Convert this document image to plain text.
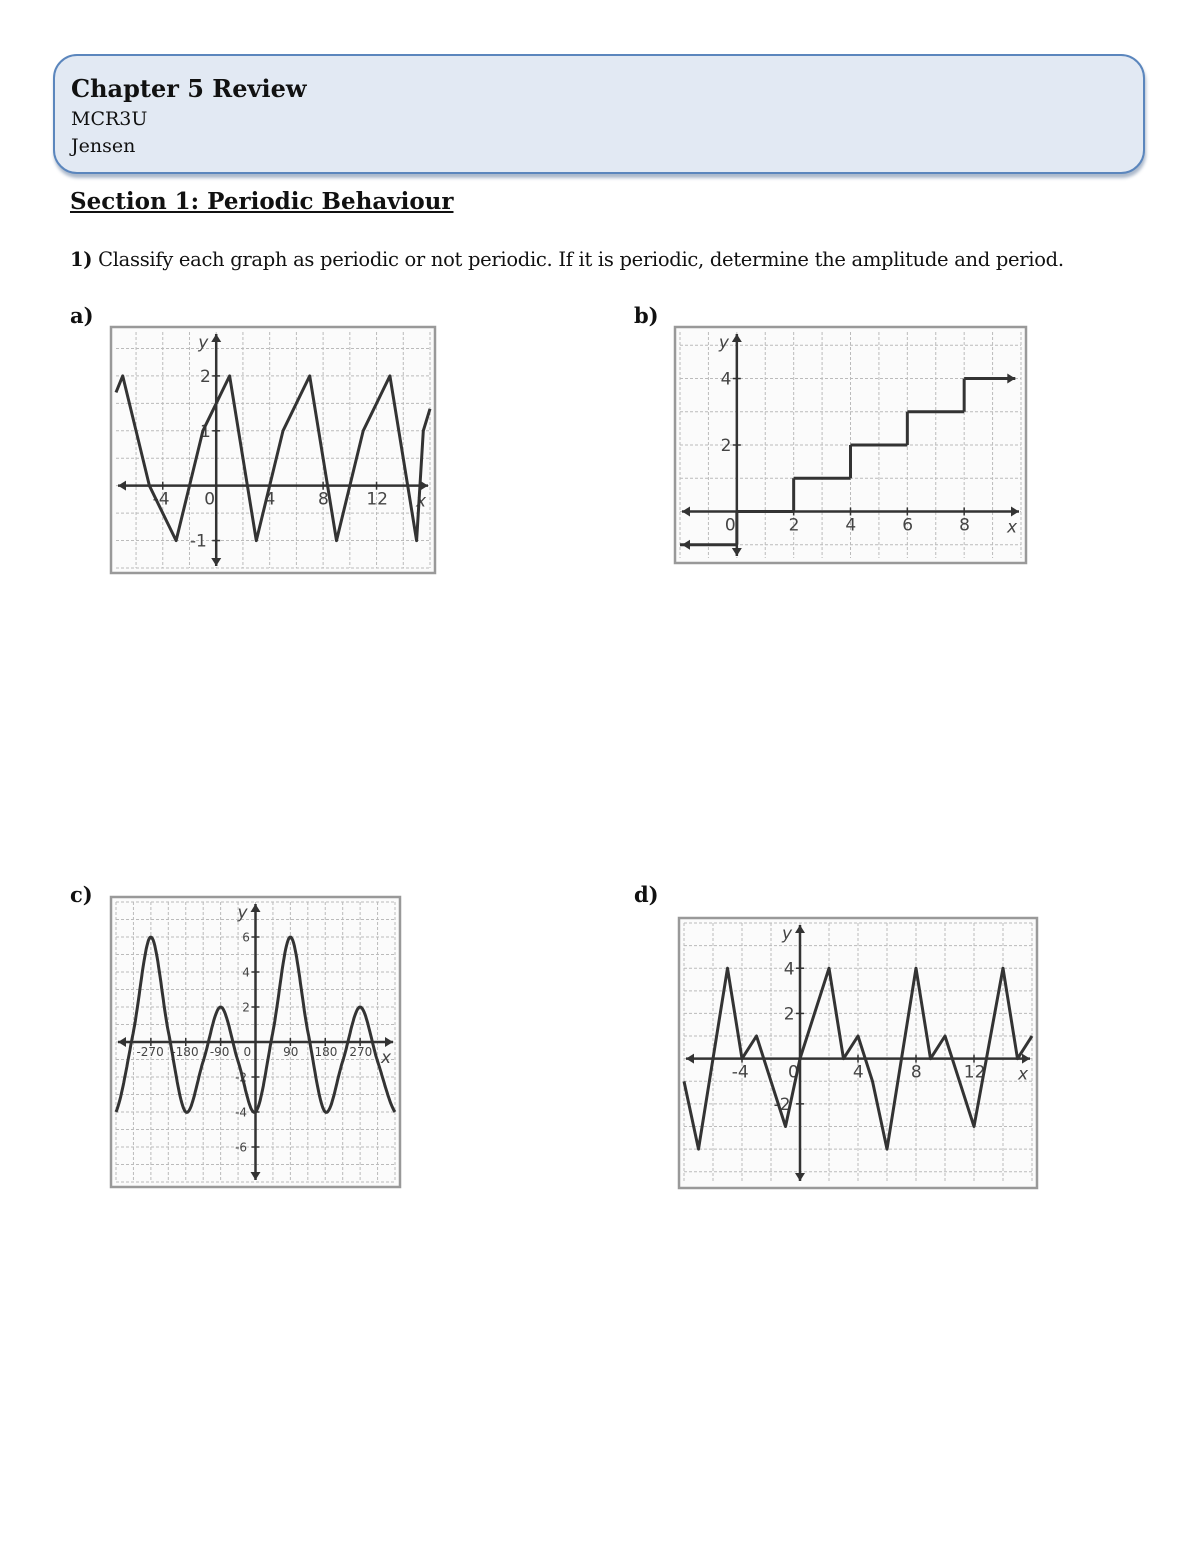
Chapter 5 Review
MCR3U
Jensen
Section 1: Periodic Behaviour
1) Classify each graph as periodic or not periodic. If it is periodic, determine the amplitude and period.
a)	b)
c)	d)
x
y
-4 0	4	8 12
2
1
-1
x
y
0	2	4	6	8
4
2
x
y
-270 -180 -90 0	90 180 270
6
4
2
-2
-4
-6
x
y
-4 0	4	8 12
4
2
-2
